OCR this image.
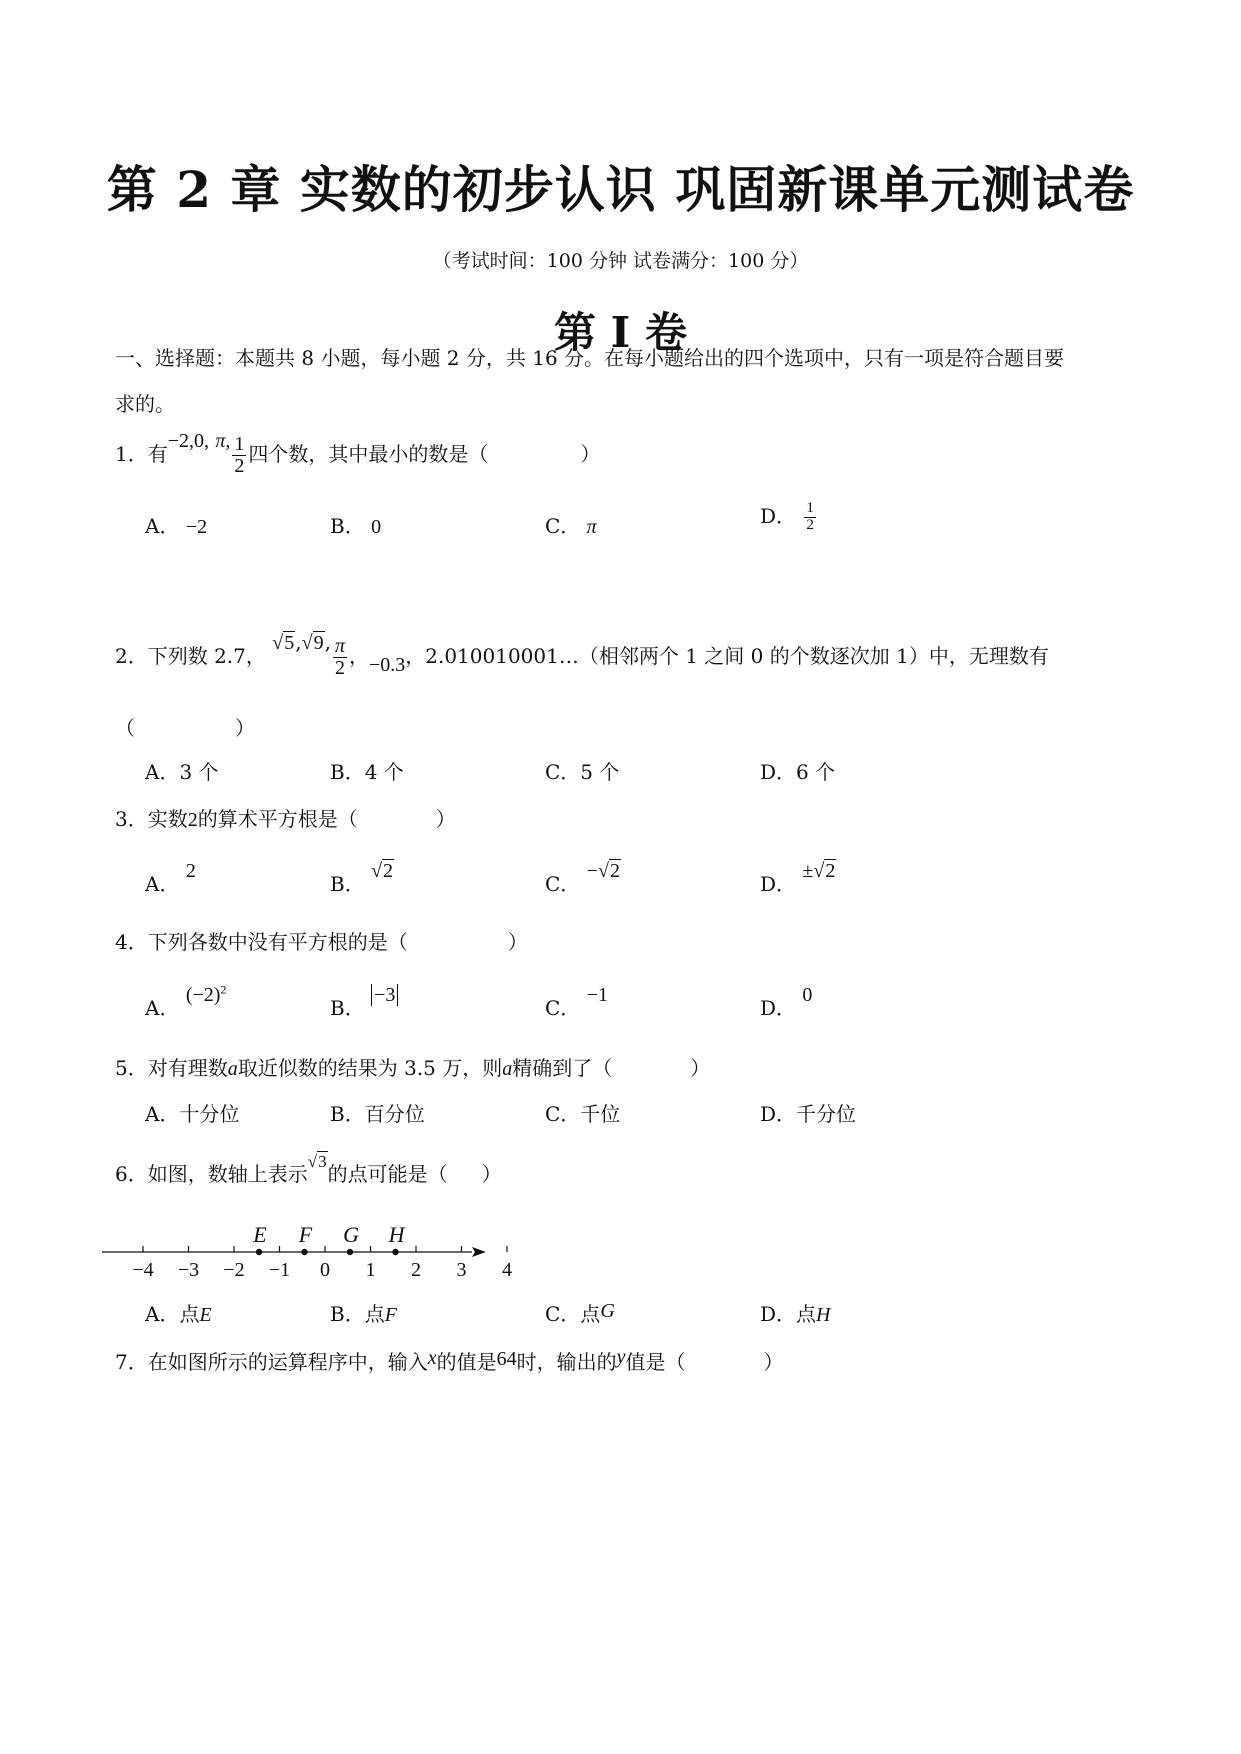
第 2 章 实数的初步认识 巩固新课单元测试卷
（考试时间：100 分钟 试卷满分：100 分）
第 I 卷
一、选择题：本题共 8 小题，每小题 2 分，共 16 分。在每小题给出的四个选项中，只有一项是符合题目要
求的。
1．有−2,0, π, $\frac{1}{2}$ 四个数，其中最小的数是（	）
A． −2	B． 0	C． π	D． $\frac{1}{2}$
2．下列数 2.7， √5,√9, $\frac{\pi}{2}$ ，−0.3，2.010010001…（相邻两个 1 之间 0 的个数逐次加 1）中，无理数有
（	）
A．3 个	B．4 个	C．5 个	D．6 个
3．实数2的算术平方根是（	）
A． 2
B． √2
C． −√2
D． ±√2
4．下列各数中没有平方根的是（	）
A． $(-2)^2$
B． −3
C． −1
D． 0
5．对有理数a取近似数的结果为 3.5 万，则a精确到了（	）
A．十分位	B．百分位	C．千位	D．千分位
6．如图，数轴上表示$^{√3}$的点可能是（ ）
−4 −3 −2 −1 0 1 2 3 4
E F G H
A．点E	B．点F	C．点G	D．点H
7．在如图所示的运算程序中，输入x的值是64时，输出的y值是（	）
